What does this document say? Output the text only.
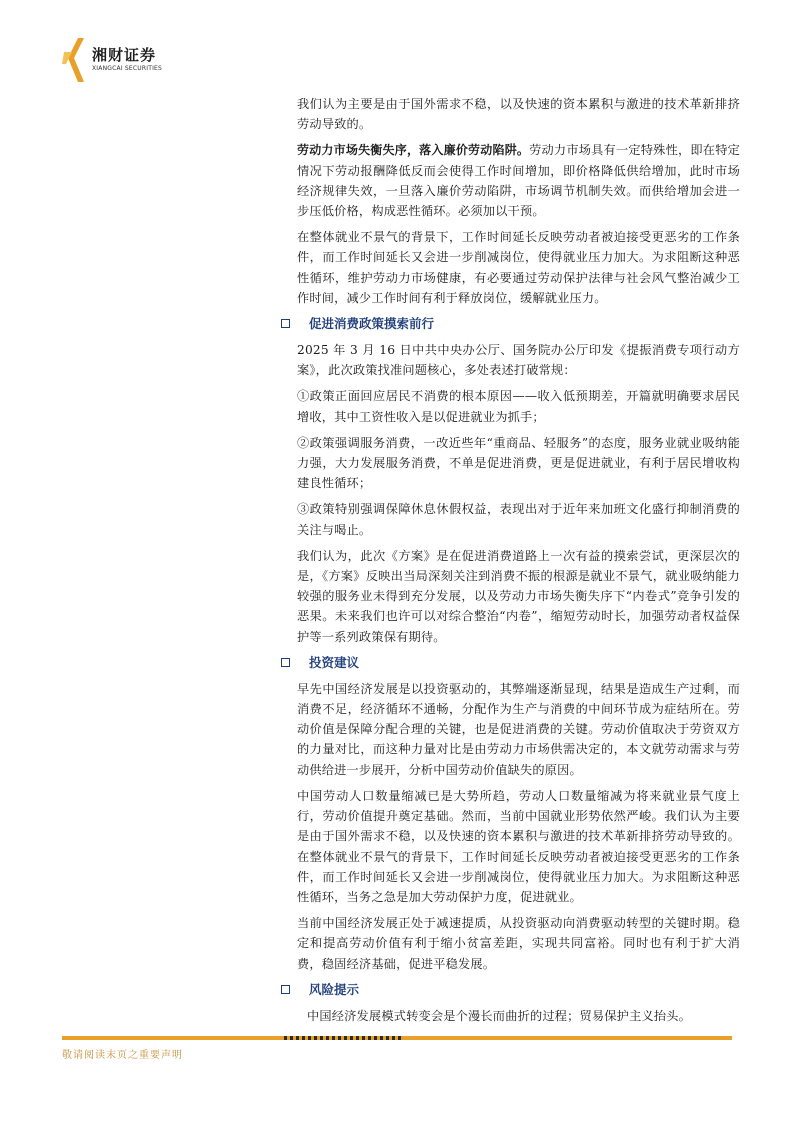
湘财证券
XIANGCAI SECURITIES

我们认为主要是由于国外需求不稳，以及快速的资本累积与激进的技术革新排挤劳动导致的。

劳动力市场失衡失序，落入廉价劳动陷阱。劳动力市场具有一定特殊性，即在特定情况下劳动报酬降低反而会使得工作时间增加，即价格降低供给增加，此时市场经济规律失效，一旦落入廉价劳动陷阱，市场调节机制失效。而供给增加会进一步压低价格，构成恶性循环。必须加以干预。

在整体就业不景气的背景下，工作时间延长反映劳动者被迫接受更恶劣的工作条件，而工作时间延长又会进一步削减岗位，使得就业压力加大。为求阻断这种恶性循环，维护劳动力市场健康，有必要通过劳动保护法律与社会风气整治减少工作时间，减少工作时间有利于释放岗位，缓解就业压力。

促进消费政策摸索前行

2025 年 3 月 16 日中共中央办公厅、国务院办公厅印发《提振消费专项行动方案》，此次政策找准问题核心，多处表述打破常规：

①政策正面回应居民不消费的根本原因——收入低预期差，开篇就明确要求居民增收，其中工资性收入是以促进就业为抓手；

②政策强调服务消费，一改近些年“重商品、轻服务”的态度，服务业就业吸纳能力强，大力发展服务消费，不单是促进消费，更是促进就业，有利于居民增收构建良性循环；

③政策特别强调保障休息休假权益，表现出对于近年来加班文化盛行抑制消费的关注与喝止。

我们认为，此次《方案》是在促进消费道路上一次有益的摸索尝试，更深层次的是，《方案》反映出当局深刻关注到消费不振的根源是就业不景气，就业吸纳能力较强的服务业未得到充分发展，以及劳动力市场失衡失序下“内卷式”竞争引发的恶果。未来我们也许可以对综合整治“内卷”，缩短劳动时长，加强劳动者权益保护等一系列政策保有期待。

投资建议

早先中国经济发展是以投资驱动的，其弊端逐渐显现，结果是造成生产过剩，而消费不足，经济循环不通畅，分配作为生产与消费的中间环节成为症结所在。劳动价值是保障分配合理的关键，也是促进消费的关键。劳动价值取决于劳资双方的力量对比，而这种力量对比是由劳动力市场供需决定的，本文就劳动需求与劳动供给进一步展开，分析中国劳动价值缺失的原因。

中国劳动人口数量缩减已是大势所趋，劳动人口数量缩减为将来就业景气度上行，劳动价值提升奠定基础。然而，当前中国就业形势依然严峻。我们认为主要是由于国外需求不稳，以及快速的资本累积与激进的技术革新排挤劳动导致的。在整体就业不景气的背景下，工作时间延长反映劳动者被迫接受更恶劣的工作条件，而工作时间延长又会进一步削减岗位，使得就业压力加大。为求阻断这种恶性循环，当务之急是加大劳动保护力度，促进就业。

当前中国经济发展正处于减速提质，从投资驱动向消费驱动转型的关键时期。稳定和提高劳动价值有利于缩小贫富差距，实现共同富裕。同时也有利于扩大消费，稳固经济基础，促进平稳发展。

风险提示

中国经济发展模式转变会是个漫长而曲折的过程；贸易保护主义抬头。

敬请阅读末页之重要声明
